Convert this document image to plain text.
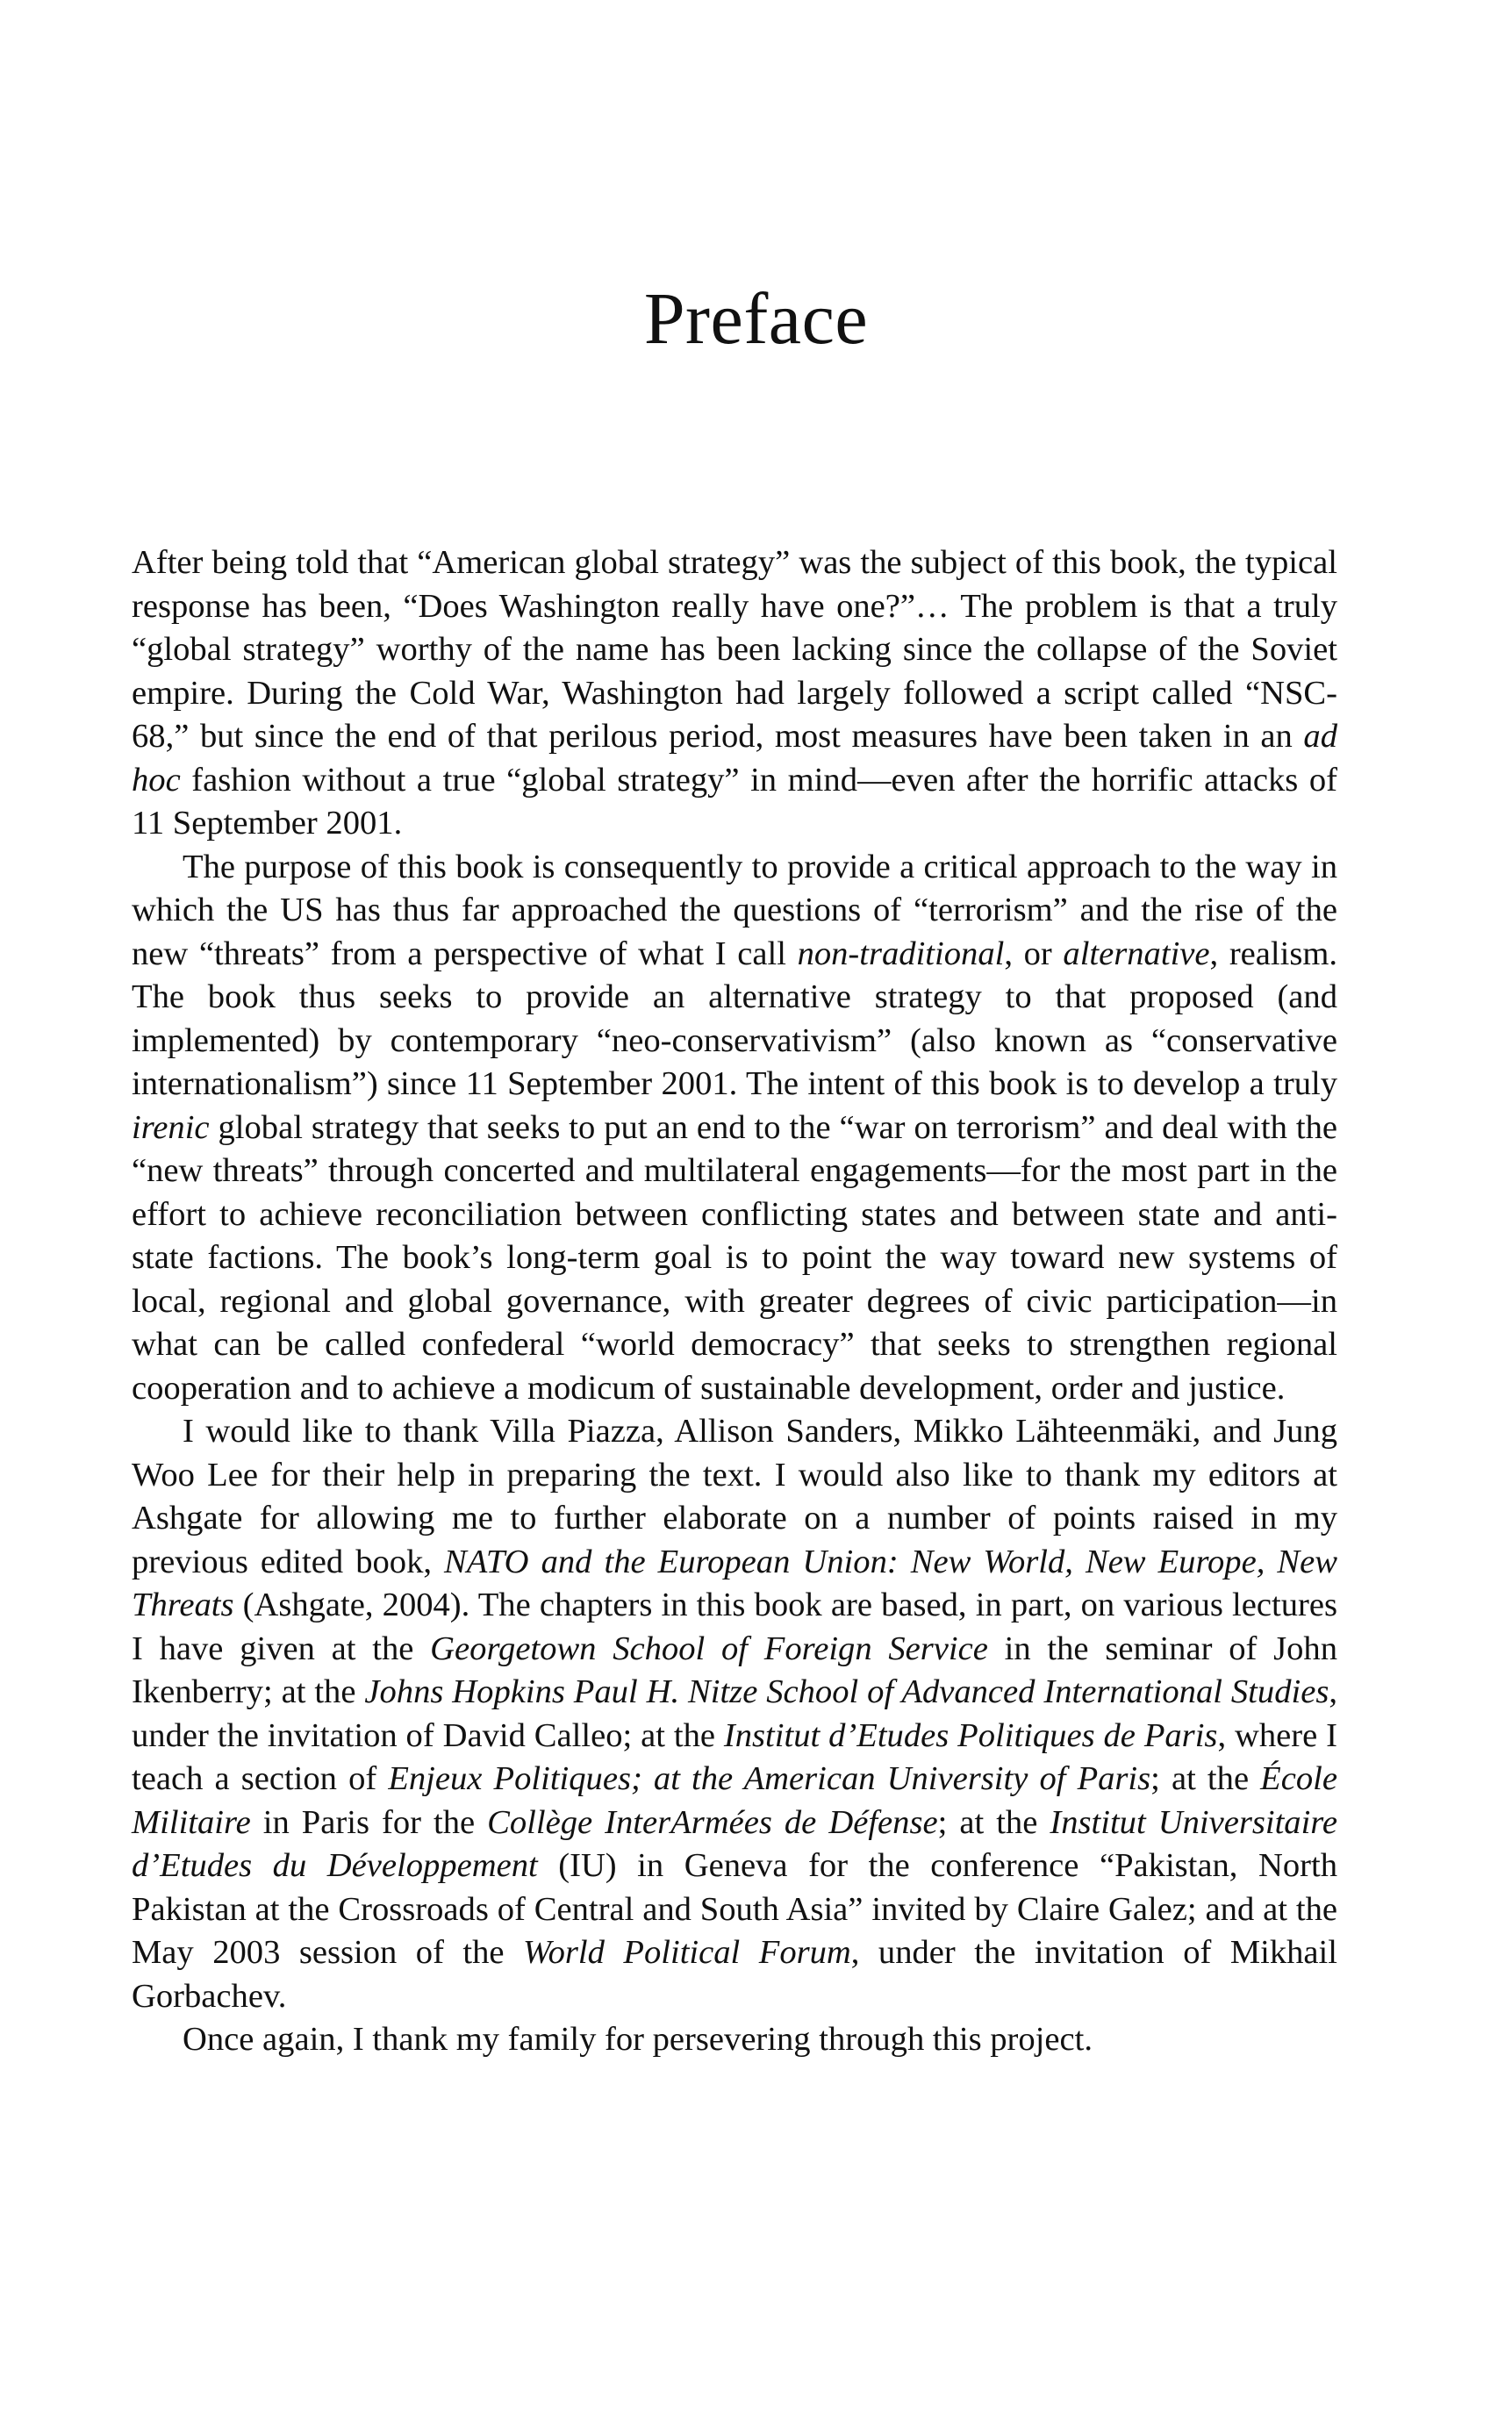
Preface

After being told that “American global strategy” was the subject of this book, the typical response has been, “Does Washington really have one?”… The problem is that a truly “global strategy” worthy of the name has been lacking since the collapse of the Soviet empire. During the Cold War, Washington had largely followed a script called “NSC-68,” but since the end of that perilous period, most measures have been taken in an ad hoc fashion without a true “global strategy” in mind—even after the horrific attacks of 11 September 2001.

The purpose of this book is consequently to provide a critical approach to the way in which the US has thus far approached the questions of “terrorism” and the rise of the new “threats” from a perspective of what I call non-traditional, or alternative, realism. The book thus seeks to provide an alternative strategy to that proposed (and implemented) by contemporary “neo-conservativism” (also known as “conservative internationalism”) since 11 September 2001. The intent of this book is to develop a truly irenic global strategy that seeks to put an end to the “war on terrorism” and deal with the “new threats” through concerted and multilateral engagements—for the most part in the effort to achieve reconciliation between conflicting states and between state and anti-state factions. The book’s long-term goal is to point the way toward new systems of local, regional and global governance, with greater degrees of civic participation—in what can be called confederal “world democracy” that seeks to strengthen regional cooperation and to achieve a modicum of sustainable development, order and justice.

I would like to thank Villa Piazza, Allison Sanders, Mikko Lähteenmäki, and Jung Woo Lee for their help in preparing the text. I would also like to thank my editors at Ashgate for allowing me to further elaborate on a number of points raised in my previous edited book, NATO and the European Union: New World, New Europe, New Threats (Ashgate, 2004). The chapters in this book are based, in part, on various lectures I have given at the Georgetown School of Foreign Service in the seminar of John Ikenberry; at the Johns Hopkins Paul H. Nitze School of Advanced International Studies, under the invitation of David Calleo; at the Institut d’Etudes Politiques de Paris, where I teach a section of Enjeux Politiques; at the American University of Paris; at the École Militaire in Paris for the Collège InterArmées de Défense; at the Institut Universitaire d’Etudes du Développement (IU) in Geneva for the conference “Pakistan, North Pakistan at the Crossroads of Central and South Asia” invited by Claire Galez; and at the May 2003 session of the World Political Forum, under the invitation of Mikhail Gorbachev.

Once again, I thank my family for persevering through this project.
